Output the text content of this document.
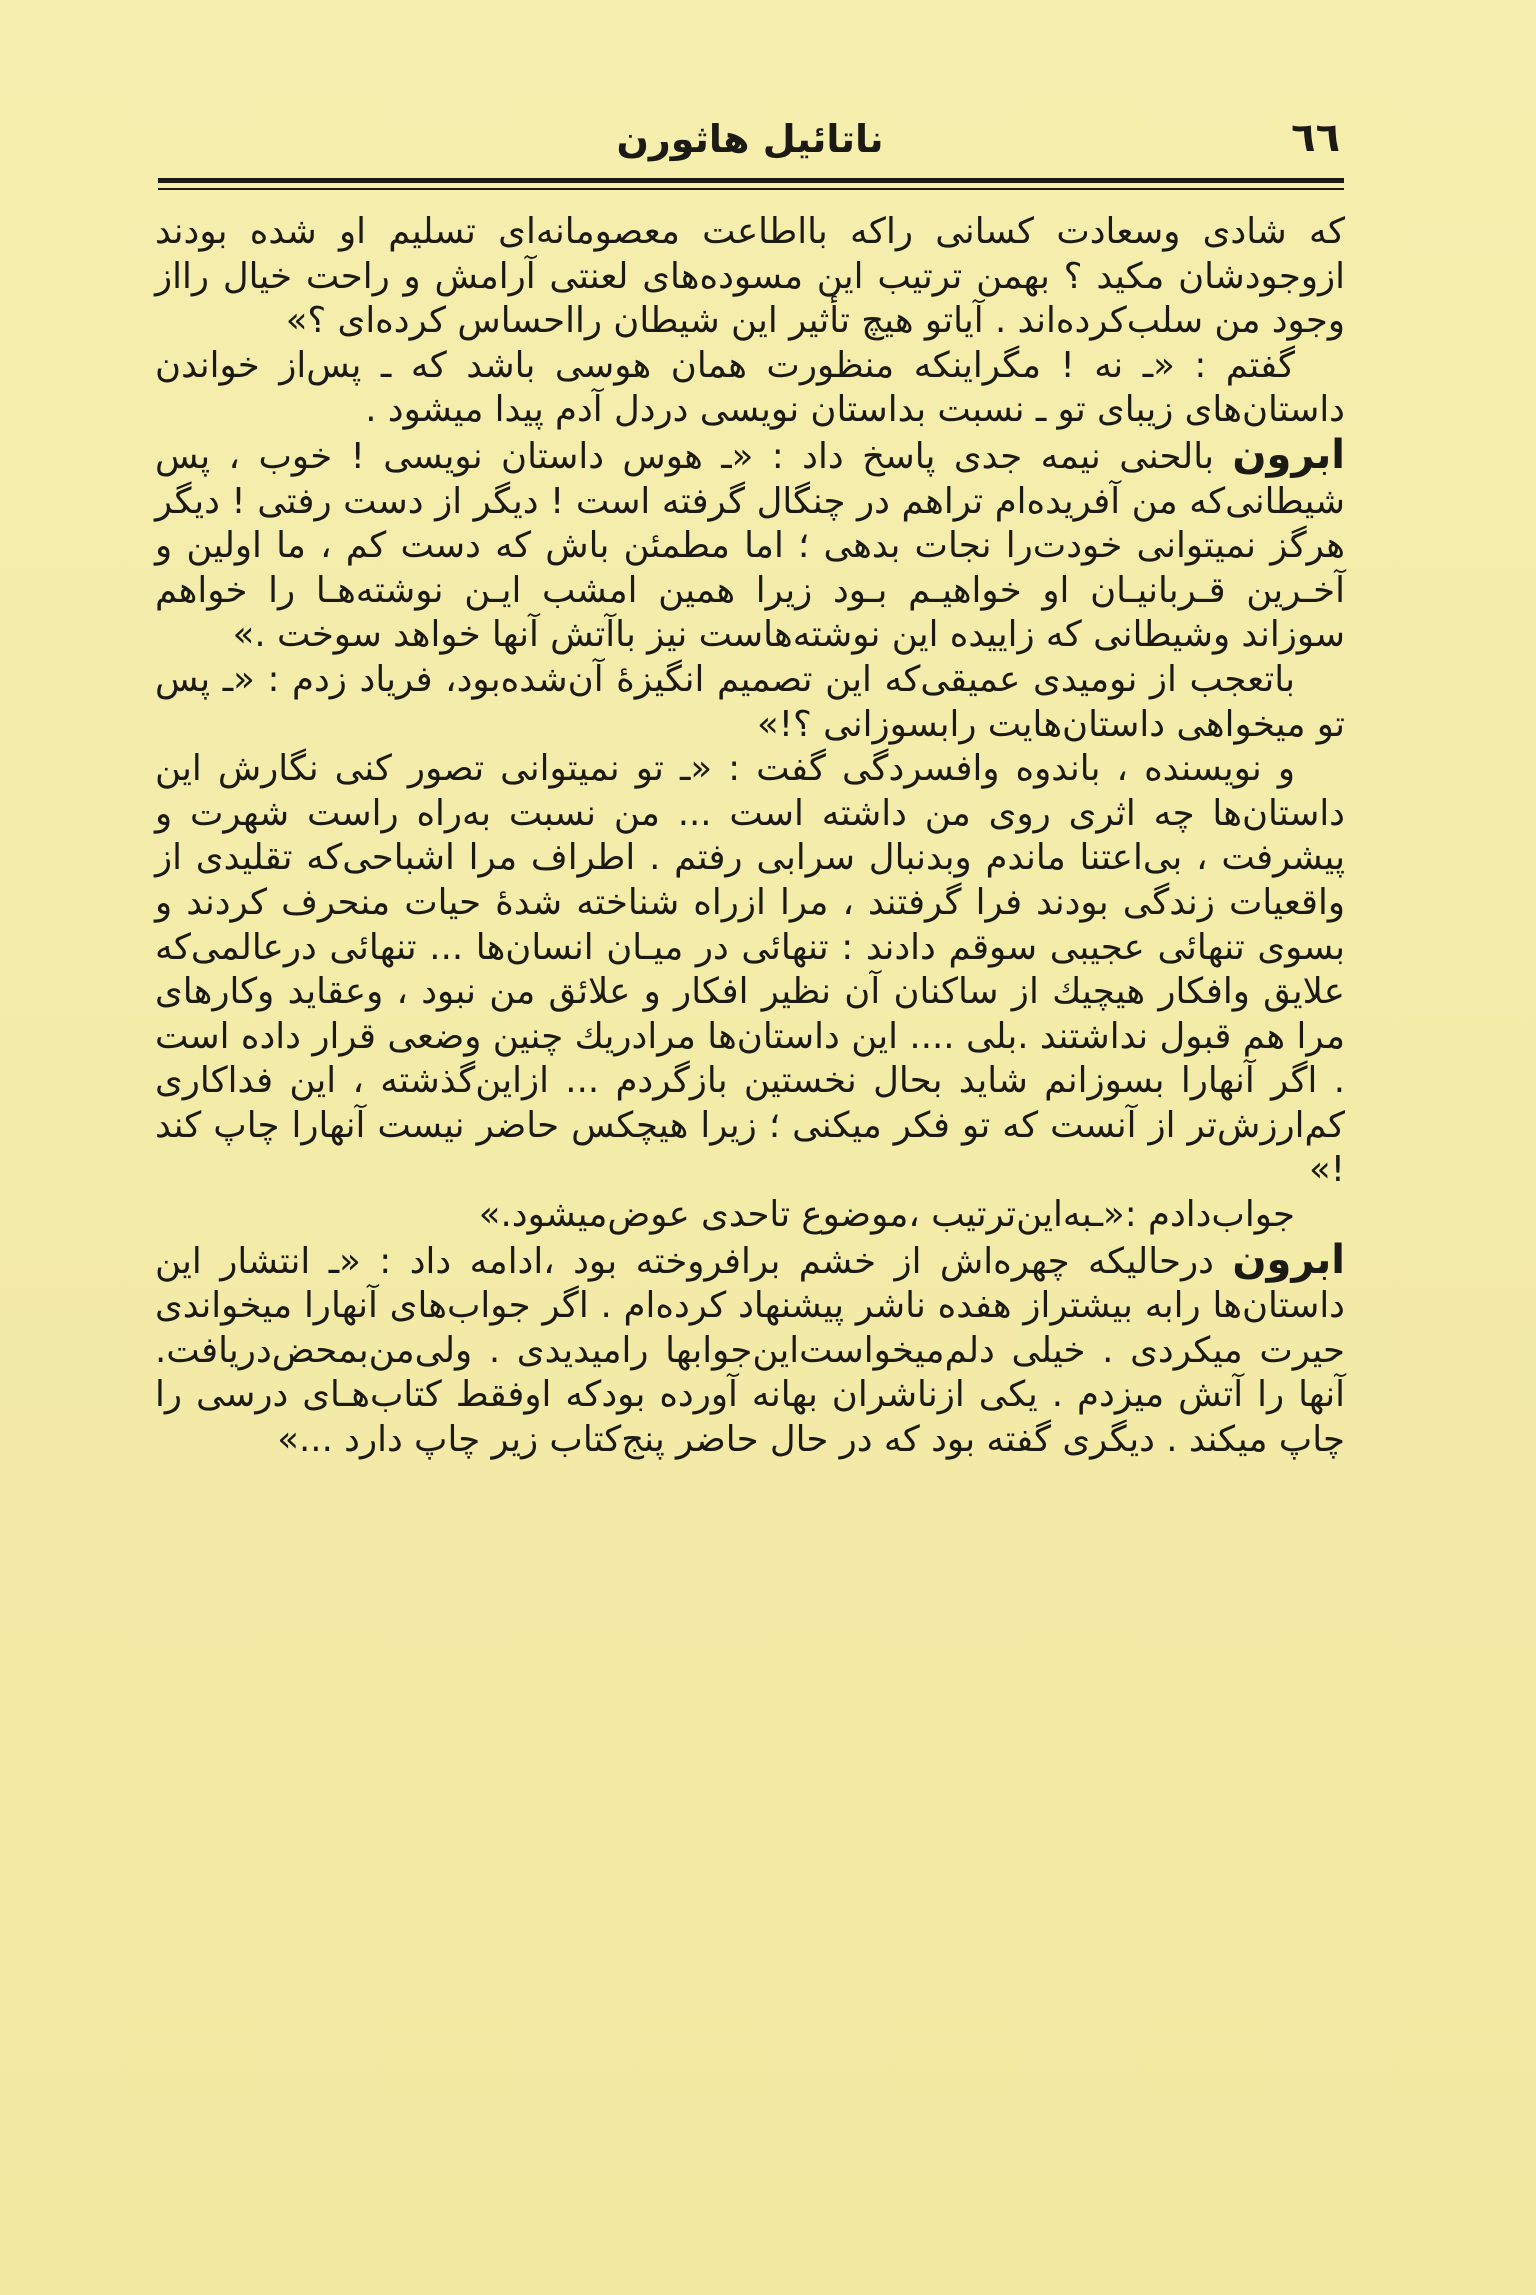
٦٦
ناتائیل هاثورن

که شادی وسعادت کسانی راکه بااطاعت معصومانه‌ای تسلیم او شده بودند ازوجودشان مکید ؟ بهمن ترتیب این مسوده‌های لعنتی آرامش و راحت خیال رااز وجود من سلب‌کرده‌اند . آیاتو هیچ تأثیر این شیطان رااحساس کرده‌ای ؟»

گفتم : «ـ نه ! مگراینکه منظورت همان هوسی باشد که ـ پس‌از خواندن داستان‌های زیبای تو ـ نسبت بداستان نویسی دردل آدم پیدا میشود .

ابرون بالحنی نیمه جدی پاسخ داد : «ـ هوس داستان نویسی ! خوب ، پس شیطانی‌که من آفریده‌ام تراهم در چنگال گرفته است ! دیگر از دست رفتی ! دیگر هرگز نمیتوانی خودت‌را نجات بدهی ؛ اما مطمئن باش که دست کم ، ما اولین و آخـرین قـربانیـان او خواهیـم بـود زیرا همین امشب ایـن نوشته‌هـا را خواهم سوزاند وشیطانی که زاییده این نوشته‌هاست نیز باآتش آنها خواهد سوخت .»

باتعجب از نومیدی عمیقی‌که این تصمیم انگیزهٔ آن‌شده‌بود، فریاد زدم : «ـ پس تو میخواهی داستان‌هایت رابسوزانی ؟!»

و نویسنده ، باندوه وافسردگی گفت : «ـ تو نمیتوانی تصور کنی نگارش این داستان‌ها چه اثری روی من داشته است ... من نسبت به‌راه راست شهرت و پیشرفت ، بی‌اعتنا ماندم وبدنبال سرابی رفتم . اطراف مرا اشباحی‌که تقلیدی از واقعیات زندگی بودند فرا گرفتند ، مرا ازراه شناخته شدهٔ حیات منحرف کردند و بسوی تنهائی عجیبی سوقم دادند : تنهائی در میـان انسان‌ها ... تنهائی درعالمی‌که علایق وافکار هیچیك از ساکنان آن نظیر افکار و علائق من نبود ، وعقاید وکارهای مرا هم قبول نداشتند .بلی .... این داستان‌ها مرادریك چنین وضعی قرار داده است . اگر آنهارا بسوزانم شاید بحال نخستین بازگردم ... ازاین‌گذشته ، این فداکاری کم‌ارزش‌تر از آنست که تو فکر میکنی ؛ زیرا هیچکس حاضر نیست آنهارا چاپ کند !»

جواب‌دادم :«ـبه‌این‌ترتیب ،موضوع تاحدی عوض‌میشود.»

ابرون درحالیکه چهره‌اش از خشم برافروخته بود ،ادامه داد : «ـ انتشار این داستان‌ها رابه بیشتراز هفده ناشر پیشنهاد کرده‌ام . اگر جواب‌های آنهارا میخواندی حیرت میکردی . خیلی دلم‌میخواست‌این‌جوابها رامیدیدی . ولی‌من‌بمحض‌دریافت. آنها را آتش میزدم . یکی ازناشران بهانه آورده بودکه اوفقط کتاب‌هـای درسی را چاپ میکند . دیگری گفته بود که در حال حاضر پنج‌کتاب زیر چاپ دارد ...»
